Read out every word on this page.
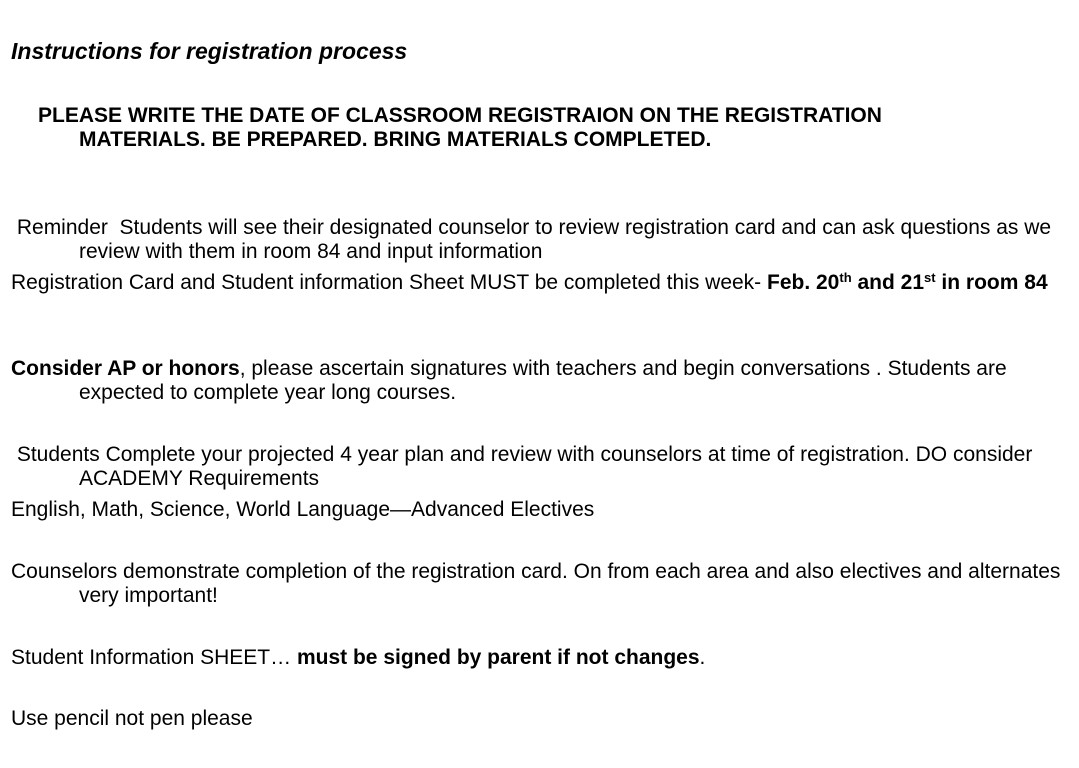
Instructions for registration process
PLEASE WRITE THE DATE OF CLASSROOM REGISTRAION ON THE REGISTRATION MATERIALS. BE PREPARED. BRING MATERIALS COMPLETED.
Reminder  Students will see their designated counselor to review registration card and can ask questions as we review with them in room 84 and input information
Registration Card and Student information Sheet MUST be completed this week- Feb. 20th and 21st in room 84
Consider AP or honors, please ascertain signatures with teachers and begin conversations . Students are expected to complete year long courses.
Students Complete your projected 4 year plan and review with counselors at time of registration. DO consider ACADEMY Requirements
English, Math, Science, World Language—Advanced Electives
Counselors demonstrate completion of the registration card. On from each area and also electives and alternates very important!
Student Information SHEET… must be signed by parent if not changes.
Use pencil not pen please
